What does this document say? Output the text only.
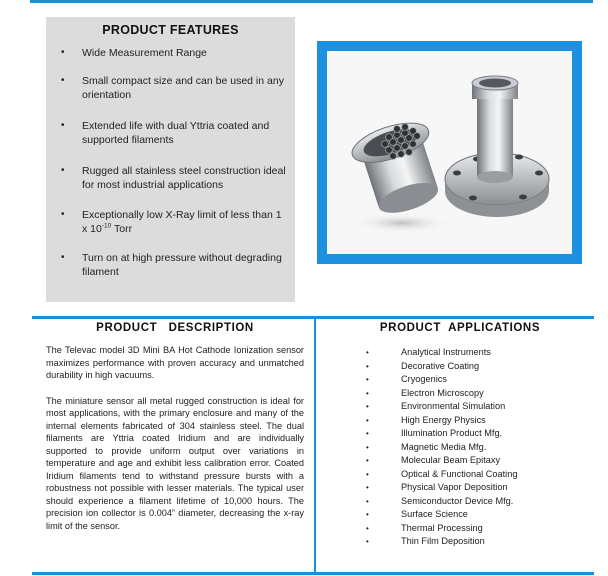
PRODUCT FEATURES
• Wide Measurement Range
• Small compact size and can be used in any orientation
• Extended life with dual Yttria coated and supported filaments
• Rugged all stainless steel construction ideal for most industrial applications
• Exceptionally low X-Ray limit of less than 1 x $10^{-10}$ Torr
• Turn on at high pressure without degrading filament
PRODUCT   DESCRIPTION

The Televac model 3D Mini BA Hot Cathode Ionization sensor maximizes performance with proven accuracy and unmatched durability in high vacuums.

The miniature sensor all metal rugged construction is ideal for most applications, with the primary enclosure and many of the internal elements fabricated of 304 stainless steel. The dual filaments are Yttria coated Iridium and are individually supported to provide uniform output over variations in temperature and age and exhibit less calibration error. Coated Iridium filaments tend to withstand pressure bursts with a robustness not possible with lesser materials. The typical user should experience a filament lifetime of 10,000 hours. The precision ion collector is 0.004” diameter, decreasing the x-ray limit of the sensor.

PRODUCT  APPLICATIONS
•	Analytical Instruments
•	Decorative Coating
•	Cryogenics
•	Electron Microscopy
•	Environmental Simulation
•	High Energy Physics
•	Illumination Product Mfg.
•	Magnetic Media Mfg.
•	Molecular Beam Epitaxy
•	Optical & Functional Coating
•	Physical Vapor Deposition
•	Semiconductor Device Mfg.
•	Surface Science
•	Thermal Processing
•	Thin Film Deposition
